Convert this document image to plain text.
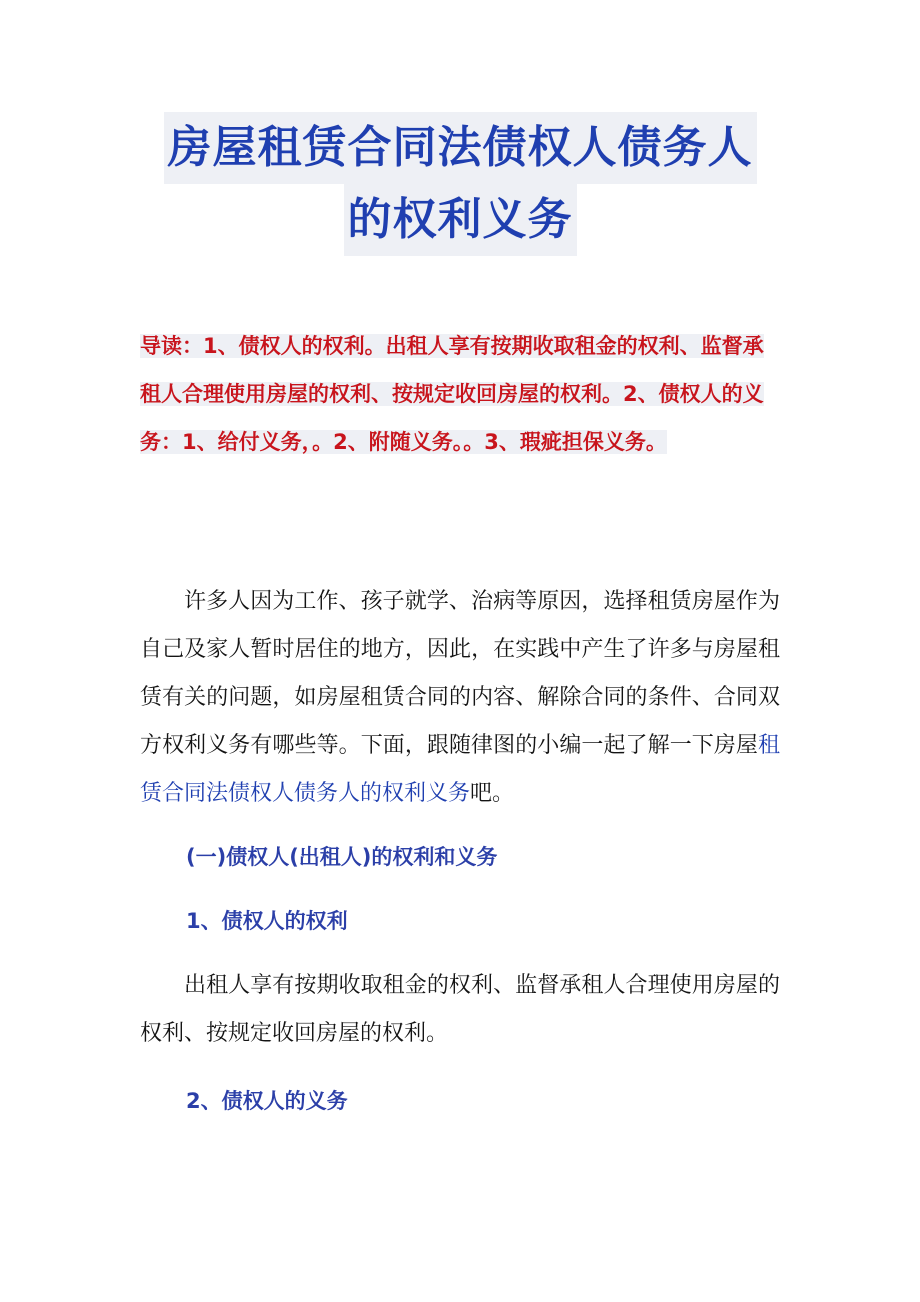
房屋租赁合同法债权人债务人
的权利义务
导读：1、债权人的权利。出租人享有按期收取租金的权利、监督承租人合理使用房屋的权利、按规定收回房屋的权利。2、债权人的义务：1、给付义务，。2、附随义务。。3、瑕疵担保义务。
许多人因为工作、孩子就学、治病等原因，选择租赁房屋作为自己及家人暂时居住的地方，因此，在实践中产生了许多与房屋租赁有关的问题，如房屋租赁合同的内容、解除合同的条件、合同双方权利义务有哪些等。下面，跟随律图的小编一起了解一下房屋租赁合同法债权人债务人的权利义务吧。
(一)债权人(出租人)的权利和义务
1、债权人的权利
出租人享有按期收取租金的权利、监督承租人合理使用房屋的权利、按规定收回房屋的权利。
2、债权人的义务
